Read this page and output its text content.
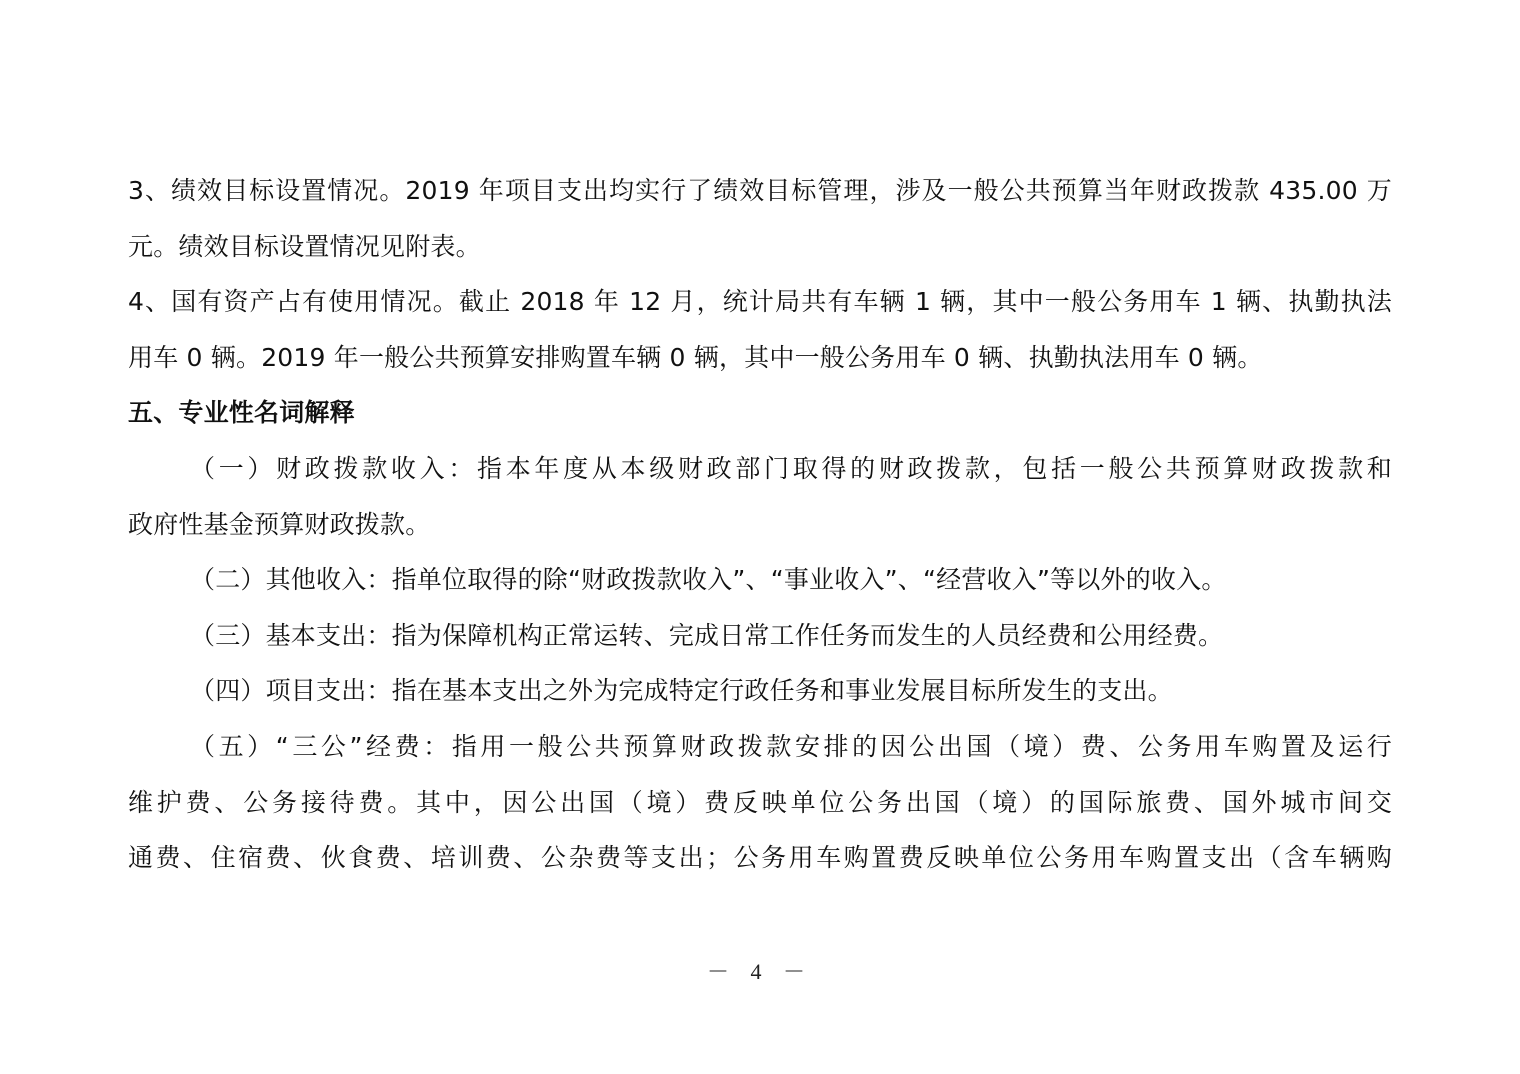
3、绩效目标设置情况。2019 年项目支出均实行了绩效目标管理，涉及一般公共预算当年财政拨款 435.00 万
元。绩效目标设置情况见附表。
4、国有资产占有使用情况。截止 2018 年 12 月，统计局共有车辆 1 辆，其中一般公务用车 1 辆、执勤执法
用车 0 辆。2019 年一般公共预算安排购置车辆 0 辆，其中一般公务用车 0 辆、执勤执法用车 0 辆。
五、专业性名词解释
（一）财政拨款收入：指本年度从本级财政部门取得的财政拨款，包括一般公共预算财政拨款和
政府性基金预算财政拨款。
（二）其他收入：指单位取得的除“财政拨款收入”、“事业收入”、“经营收入”等以外的收入。
（三）基本支出：指为保障机构正常运转、完成日常工作任务而发生的人员经费和公用经费。
（四）项目支出：指在基本支出之外为完成特定行政任务和事业发展目标所发生的支出。
（五）“三公”经费：指用一般公共预算财政拨款安排的因公出国（境）费、公务用车购置及运行
维护费、公务接待费。其中，因公出国（境）费反映单位公务出国（境）的国际旅费、国外城市间交
通费、住宿费、伙食费、培训费、公杂费等支出；公务用车购置费反映单位公务用车购置支出（含车辆购
－ 4 －
